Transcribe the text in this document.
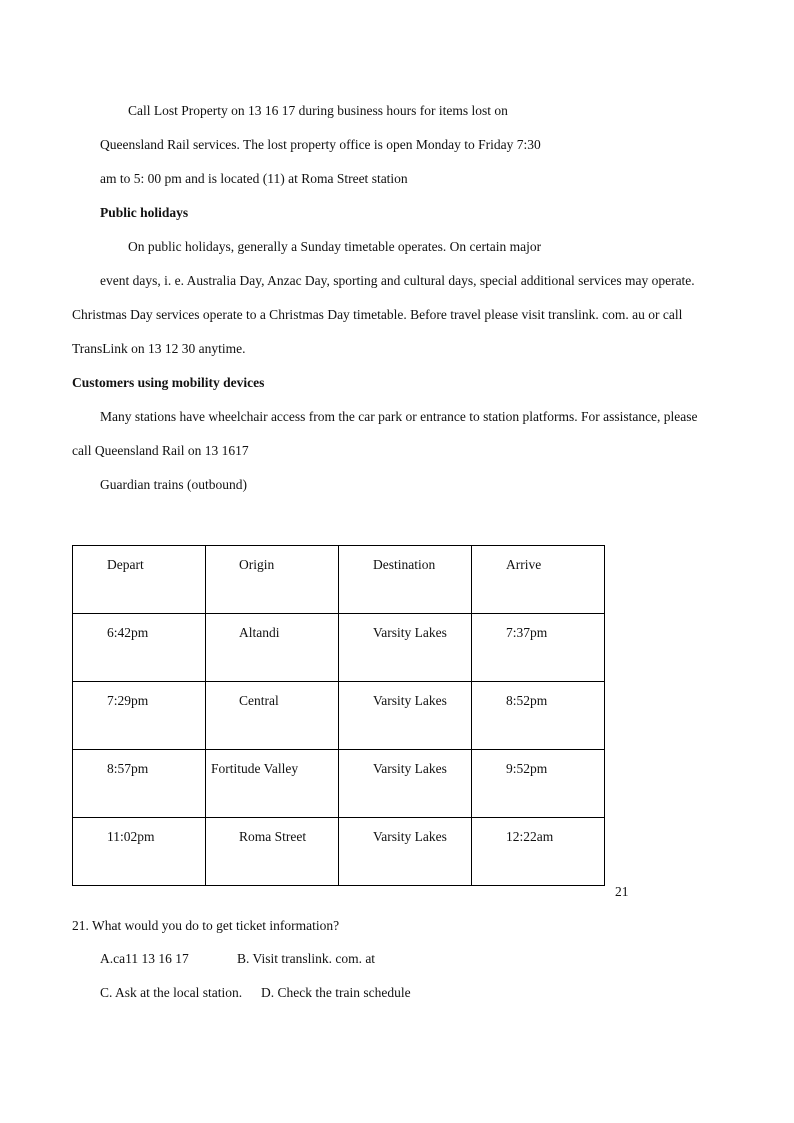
Call Lost Property on 13 16 17 during business hours for items lost on
Queensland Rail services. The lost property office is open Monday to Friday 7:30
am to 5: 00 pm and is located (11) at Roma Street station
Public holidays
On public holidays, generally a Sunday timetable operates. On certain major
event days, i. e. Australia Day, Anzac Day, sporting and cultural days, special additional services may operate.
Christmas Day services operate to a Christmas Day timetable. Before travel please visit translink. com. au or call
TransLink on 13 12 30 anytime.
Customers using mobility devices
Many stations have wheelchair access from the car park or entrance to station platforms. For assistance, please
call Queensland Rail on 13 1617
Guardian trains (outbound)
Depart	Origin	Destination	Arrive

6:42pm	Altandi	Varsity Lakes	7:37pm

7:29pm	Central	Varsity Lakes	8:52pm

8:57pm	Fortitude Valley	Varsity Lakes	9:52pm

11:02pm	Roma Street	Varsity Lakes	12:22am
21
21. What would you do to get ticket information?
A.ca11 13 16 17	B. Visit translink. com. at
C. Ask at the local station. D. Check the train schedule
